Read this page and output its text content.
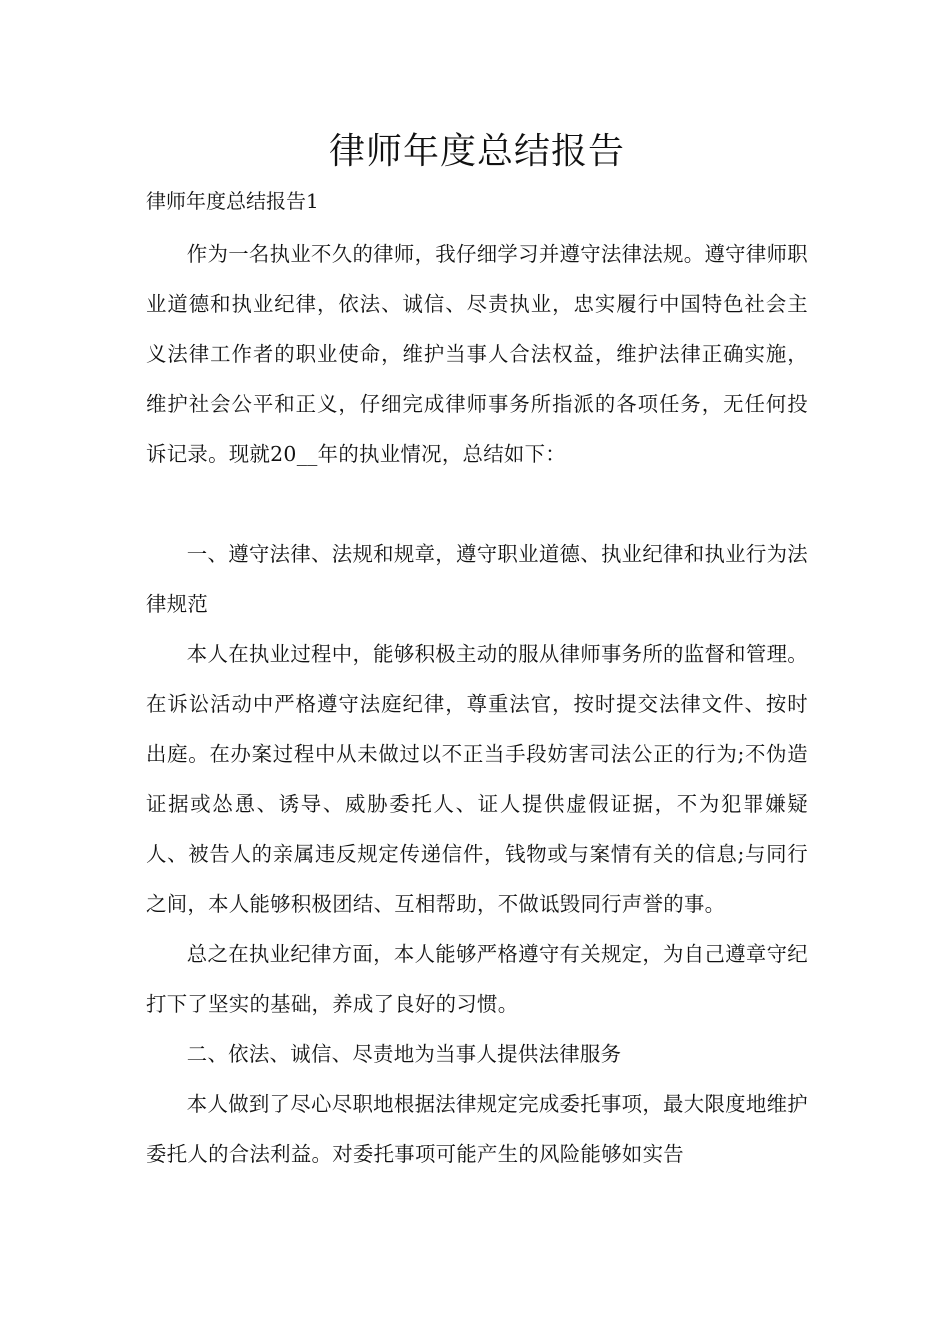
律师年度总结报告

律师年度总结报告1

作为一名执业不久的律师，我仔细学习并遵守法律法规。遵守律师职业道德和执业纪律，依法、诚信、尽责执业，忠实履行中国特色社会主义法律工作者的职业使命，维护当事人合法权益，维护法律正确实施，维护社会公平和正义，仔细完成律师事务所指派的各项任务，无任何投诉记录。现就20__年的执业情况，总结如下：

一、遵守法律、法规和规章，遵守职业道德、执业纪律和执业行为法律规范

本人在执业过程中，能够积极主动的服从律师事务所的监督和管理。在诉讼活动中严格遵守法庭纪律，尊重法官，按时提交法律文件、按时出庭。在办案过程中从未做过以不正当手段妨害司法公正的行为;不伪造证据或怂恿、诱导、威胁委托人、证人提供虚假证据，不为犯罪嫌疑人、被告人的亲属违反规定传递信件，钱物或与案情有关的信息;与同行之间，本人能够积极团结、互相帮助，不做诋毁同行声誉的事。

总之在执业纪律方面，本人能够严格遵守有关规定，为自己遵章守纪打下了坚实的基础，养成了良好的习惯。

二、依法、诚信、尽责地为当事人提供法律服务

本人做到了尽心尽职地根据法律规定完成委托事项，最大限度地维护委托人的合法利益。对委托事项可能产生的风险能够如实告
